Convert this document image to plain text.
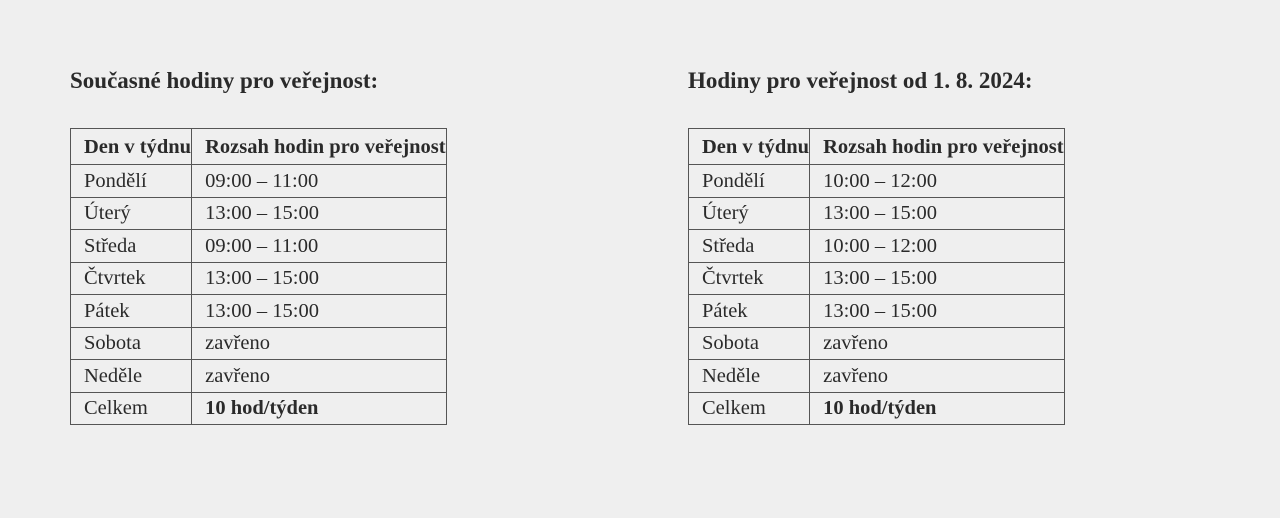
Současné hodiny pro veřejnost:
Den v týdnu	Rozsah hodin pro veřejnost
Pondělí	09:00 – 11:00
Úterý	13:00 – 15:00
Středa	09:00 – 11:00
Čtvrtek	13:00 – 15:00
Pátek	13:00 – 15:00
Sobota	zavřeno
Neděle	zavřeno
Celkem	10 hod/týden
Hodiny pro veřejnost od 1. 8. 2024:
Den v týdnu	Rozsah hodin pro veřejnost
Pondělí	10:00 – 12:00
Úterý	13:00 – 15:00
Středa	10:00 – 12:00
Čtvrtek	13:00 – 15:00
Pátek	13:00 – 15:00
Sobota	zavřeno
Neděle	zavřeno
Celkem	10 hod/týden
